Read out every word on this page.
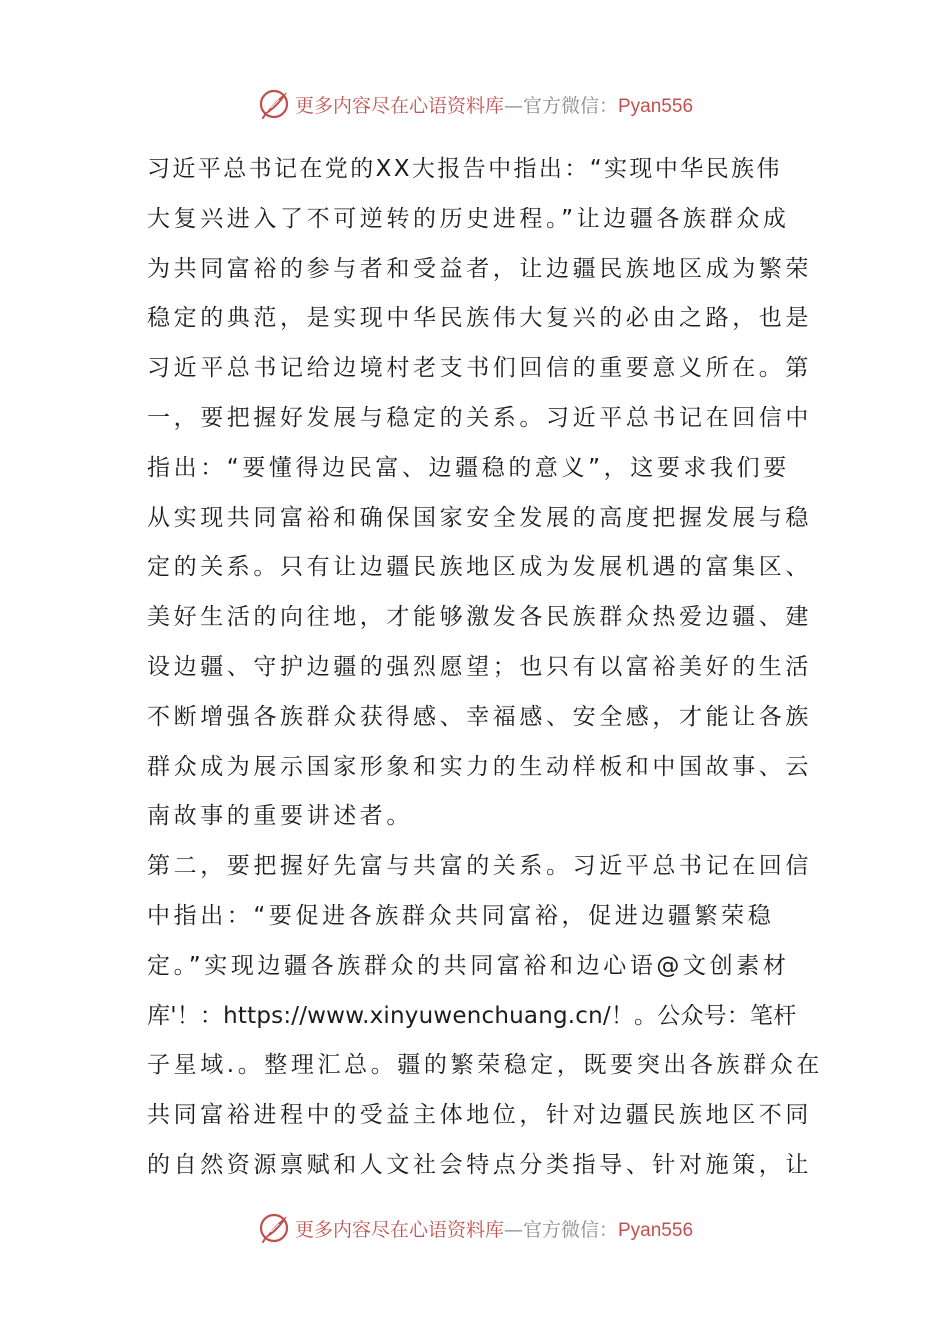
更多内容尽在心语资料库—官方微信：Pyan556
习近平总书记在党的XX大报告中指出：“实现中华民族伟
大复兴进入了不可逆转的历史进程。”让边疆各族群众成
为共同富裕的参与者和受益者，让边疆民族地区成为繁荣
稳定的典范，是实现中华民族伟大复兴的必由之路，也是
习近平总书记给边境村老支书们回信的重要意义所在。第
一，要把握好发展与稳定的关系。习近平总书记在回信中
指出：“要懂得边民富、边疆稳的意义”，这要求我们要
从实现共同富裕和确保国家安全发展的高度把握发展与稳
定的关系。只有让边疆民族地区成为发展机遇的富集区、
美好生活的向往地，才能够激发各民族群众热爱边疆、建
设边疆、守护边疆的强烈愿望；也只有以富裕美好的生活
不断增强各族群众获得感、幸福感、安全感，才能让各族
群众成为展示国家形象和实力的生动样板和中国故事、云
南故事的重要讲述者。
第二，要把握好先富与共富的关系。习近平总书记在回信
中指出：“要促进各族群众共同富裕，促进边疆繁荣稳
定。”实现边疆各族群众的共同富裕和边心语@文创素材
库'！：https://www.xinyuwenchuang.cn/！。公众号：笔杆
子星域.。整理汇总。疆的繁荣稳定，既要突出各族群众在
共同富裕进程中的受益主体地位，针对边疆民族地区不同
的自然资源禀赋和人文社会特点分类指导、针对施策，让
更多内容尽在心语资料库—官方微信：Pyan556
